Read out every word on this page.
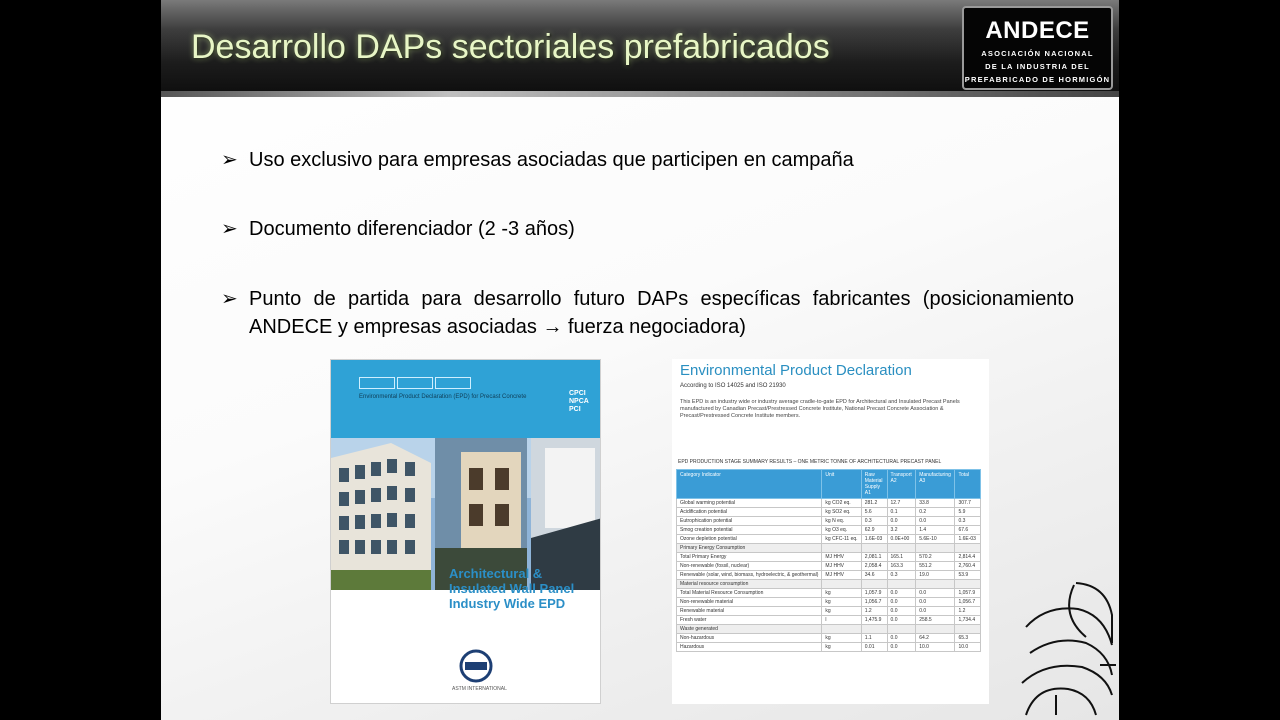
Desarrollo DAPs sectoriales prefabricados	ANDECE
ASOCIACIÓN NACIONAL
DE LA INDUSTRIA DEL
PREFABRICADO DE HORMIGÓN
➢ Uso exclusivo para empresas asociadas que participen en campaña
➢ Documento diferenciador (2 -3 años)
➢ Punto de partida para desarrollo futuro DAPs específicas fabricantes (posicionamiento ANDECE y empresas asociadas → fuerza negociadora)
Environmental Product Declaration (EPD) for Precast Concrete	CPCI
NPCA
PCI
Architectural &
Insulated Wall Panel
Industry Wide EPD
ASTM INTERNATIONAL
Environmental Product Declaration
According to ISO 14025 and ISO 21930
This EPD is an industry wide or industry average cradle-to-gate EPD for Architectural and Insulated Precast Panels manufactured by Canadian Precast/Prestressed Concrete Institute, National Precast Concrete Association & Precast/Prestressed Concrete Institute members.
EPD PRODUCTION STAGE SUMMARY RESULTS – ONE METRIC TONNE OF ARCHITECTURAL PRECAST PANEL
Category Indicator	Unit	Raw Material Supply A1	Transport A2	Manufacturing A3	Total
Global warming potential	kg CO2 eq.	281.2	12.7	33.8	307.7
Acidification potential	kg SO2 eq.	5.6	0.1	0.2	5.9
Eutrophication potential	kg N eq.	0.3	0.0	0.0	0.3
Smog creation potential	kg O3 eq.	62.9	3.2	1.4	67.6
Ozone depletion potential	kg CFC-11 eq.	1.6E-03	0.0E+00	5.6E-10	1.6E-03
Primary Energy Consumption					
Total Primary Energy	MJ HHV	2,081.1	165.1	570.2	2,814.4
Non-renewable (fossil, nuclear)	MJ HHV	2,058.4	163.3	551.2	2,760.4
Renewable (solar, wind, biomass, hydroelectric, & geothermal)	MJ HHV	34.6	0.3	19.0	53.9
Material resource consumption					
Total Material Resource Consumption	kg	1,057.9	0.0	0.0	1,057.9
Non-renewable material	kg	1,056.7	0.0	0.0	1,056.7
Renewable material	kg	1.2	0.0	0.0	1.2
Fresh water	l	1,475.9	0.0	258.5	1,734.4
Waste generated					
Non-hazardous	kg	1.1	0.0	64.2	65.3
Hazardous	kg	0.01	0.0	10.0	10.0
